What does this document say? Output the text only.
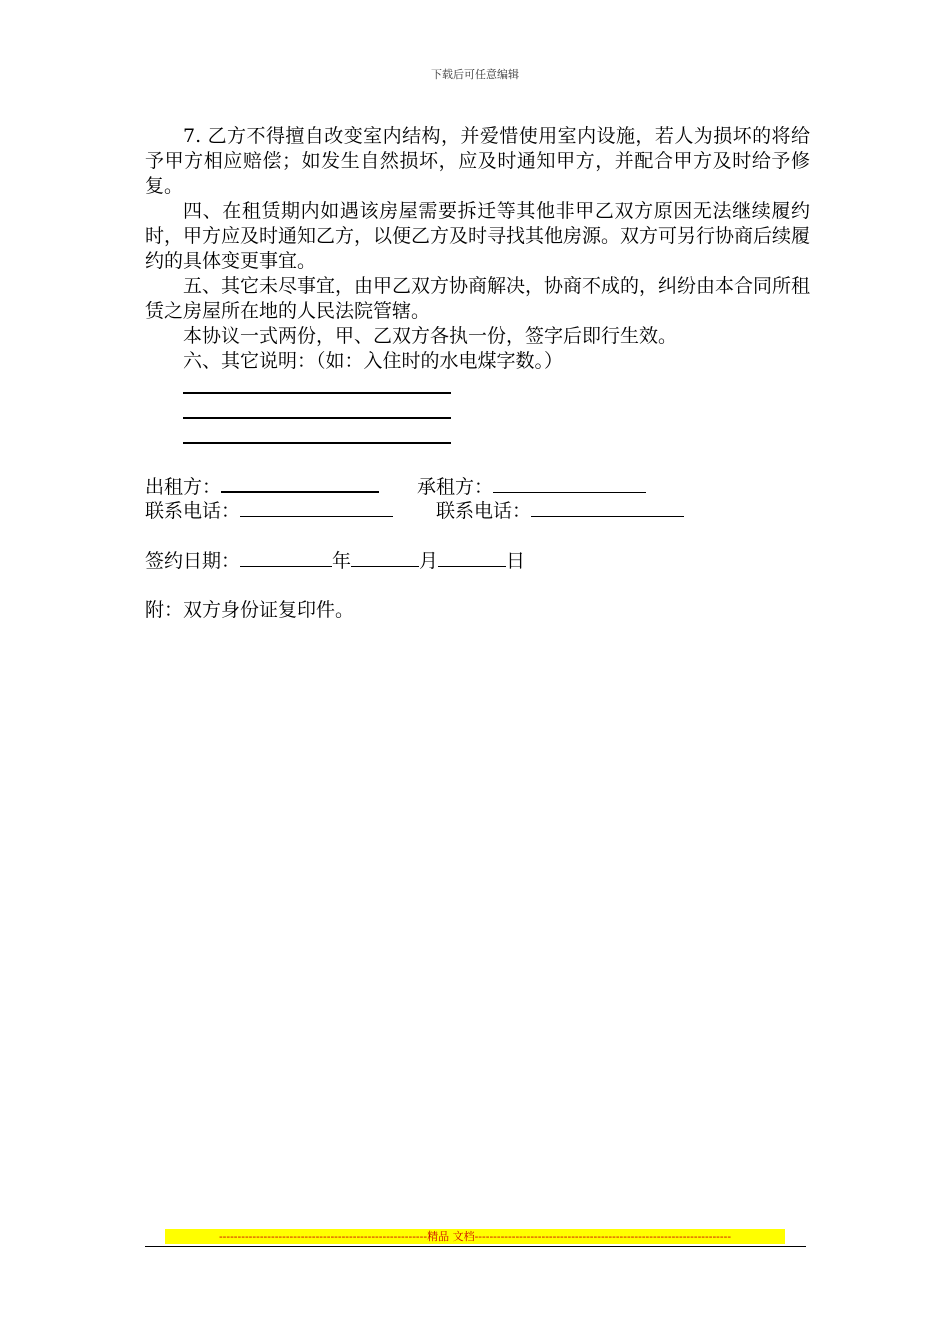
下载后可任意编辑

7. 乙方不得擅自改变室内结构，并爱惜使用室内设施，若人为损坏的将给予甲方相应赔偿；如发生自然损坏，应及时通知甲方，并配合甲方及时给予修复。

四、在租赁期内如遇该房屋需要拆迁等其他非甲乙双方原因无法继续履约时，甲方应及时通知乙方，以便乙方及时寻找其他房源。双方可另行协商后续履约的具体变更事宜。

五、其它未尽事宜，由甲乙双方协商解决，协商不成的，纠纷由本合同所租赁之房屋所在地的人民法院管辖。

本协议一式两份，甲、乙双方各执一份，签字后即行生效。

六、其它说明：（如：入住时的水电煤字数。）

出租方：	承租方：
联系电话：	联系电话：
签约日期：	年	月	日
附：双方身份证复印件。
--------------------------------------------------------精品 文档---------------------------------------------------------------------
